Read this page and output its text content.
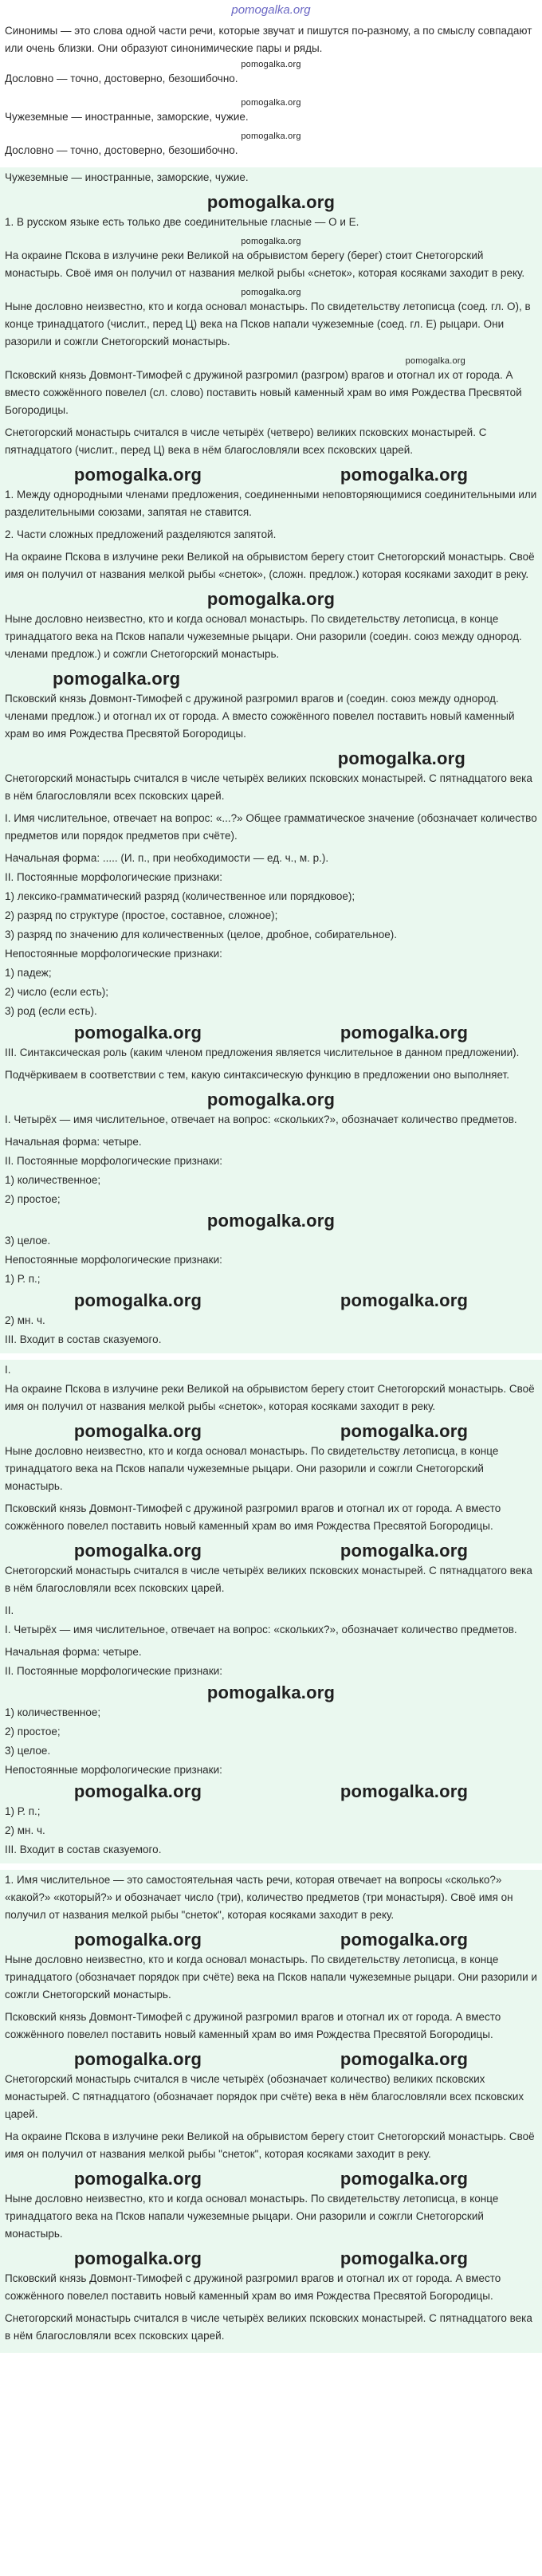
pomogalka.org

Синонимы — это слова одной части речи, которые звучат и пишутся по-разному, а по смыслу совпадают или очень близки. Они образуют синонимические пары и ряды.

pomogalka.org

Дословно — точно, достоверно, безошибочно.

pomogalka.org

Чужеземные — иностранные, заморские, чужие.

pomogalka.org

Дословно — точно, достоверно, безошибочно.

Чужеземные — иностранные, заморские, чужие.

pomogalka.org

1. В русском языке есть только две соединительные гласные — О и Е.

pomogalka.org

На окраине Пскова в излучине реки Великой на обрывистом берегу (берег) стоит Снетогорский монастырь. Своё имя он получил от названия мелкой рыбы «снеток», которая косяками заходит в реку.

pomogalka.org

Ныне дословно неизвестно, кто и когда основал монастырь. По свидетельству летописца (соед. гл. О), в конце тринадцатого (числит., перед Ц) века на Псков напали чужеземные (соед. гл. Е) рыцари. Они разорили и сожгли Снетогорский монастырь.

pomogalka.org

Псковский князь Довмонт-Тимофей с дружиной разгромил (разгром) врагов и отогнал их от города. А вместо сожжённого повелел (сл. слово) поставить новый каменный храм во имя Рождества Пресвятой Богородицы.

Снетогорский монастырь считался в числе четырёх (четверо) великих псковских монастырей. С пятнадцатого (числит., перед Ц) века в нём благословляли всех псковских царей.

pomogalka.org	pomogalka.org

1. Между однородными членами предложения, соединенными неповторяющимися соединительными или разделительными союзами, запятая не ставится.

2. Части сложных предложений разделяются запятой.

На окраине Пскова в излучине реки Великой на обрывистом берегу стоит Снетогорский монастырь. Своё имя он получил от названия мелкой рыбы «снеток», (сложн. предлож.) которая косяками заходит в реку.

pomogalka.org

Ныне дословно неизвестно, кто и когда основал монастырь. По свидетельству летописца, в конце тринадцатого века на Псков напали чужеземные рыцари. Они разорили (соедин. союз между однород. членами предлож.) и сожгли Снетогорский монастырь.

pomogalka.org

Псковский князь Довмонт-Тимофей с дружиной разгромил врагов и (соедин. союз между однород. членами предлож.) и отогнал их от города. А вместо сожжённого повелел поставить новый каменный храм во имя Рождества Пресвятой Богородицы.

pomogalka.org

Снетогорский монастырь считался в числе четырёх великих псковских монастырей. С пятнадцатого века в нём благословляли всех псковских царей.

I. Имя числительное, отвечает на вопрос: «...?» Общее грамматическое значение (обозначает количество предметов или порядок предметов при счёте).

Начальная форма: ..... (И. п., при необходимости — ед. ч., м. р.).

II. Постоянные морфологические признаки:

1) лексико-грамматический разряд (количественное или порядковое);

2) разряд по структуре (простое, составное, сложное);

3) разряд по значению для количественных (целое, дробное, собирательное).

Непостоянные морфологические признаки:

1) падеж;

2) число (если есть);

3) род (если есть).

pomogalka.org	pomogalka.org

III. Синтаксическая роль (каким членом предложения является числительное в данном предложении).

Подчёркиваем в соответствии с тем, какую синтаксическую функцию в предложении оно выполняет.

pomogalka.org

I. Четырёх — имя числительное, отвечает на вопрос: «скольких?», обозначает количество предметов.

Начальная форма: четыре.

II. Постоянные морфологические признаки:

1) количественное;

2) простое;

pomogalka.org

3) целое.

Непостоянные морфологические признаки:

1) Р. п.;

pomogalka.org	pomogalka.org

2) мн. ч.

III. Входит в состав сказуемого.

I.

На окраине Пскова в излучине реки Великой на обрывистом берегу стоит Снетогорский монастырь. Своё имя он получил от названия мелкой рыбы «снеток», которая косяками заходит в реку.

pomogalka.org	pomogalka.org

Ныне дословно неизвестно, кто и когда основал монастырь. По свидетельству летописца, в конце тринадцатого века на Псков напали чужеземные рыцари. Они разорили и сожгли Снетогорский монастырь.

Псковский князь Довмонт-Тимофей с дружиной разгромил врагов и отогнал их от города. А вместо сожжённого повелел поставить новый каменный храм во имя Рождества Пресвятой Богородицы.

pomogalka.org	pomogalka.org

Снетогорский монастырь считался в числе четырёх великих псковских монастырей. С пятнадцатого века в нём благословляли всех псковских царей.

II.

I. Четырёх — имя числительное, отвечает на вопрос: «скольких?», обозначает количество предметов.

Начальная форма: четыре.

II. Постоянные морфологические признаки:

pomogalka.org

1) количественное;

2) простое;

3) целое.

Непостоянные морфологические признаки:

pomogalka.org	pomogalka.org

1) Р. п.;

2) мн. ч.

III. Входит в состав сказуемого.

1. Имя числительное — это самостоятельная часть речи, которая отвечает на вопросы «сколько?» «какой?» «который?» и обозначает число (три), количество предметов (три монастыря). Своё имя он получил от названия мелкой рыбы "снеток", которая косяками заходит в реку.

pomogalka.org	pomogalka.org

Ныне дословно неизвестно, кто и когда основал монастырь. По свидетельству летописца, в конце тринадцатого (обозначает порядок при счёте) века на Псков напали чужеземные рыцари. Они разорили и сожгли Снетогорский монастырь.

Псковский князь Довмонт-Тимофей с дружиной разгромил врагов и отогнал их от города. А вместо сожжённого повелел поставить новый каменный храм во имя Рождества Пресвятой Богородицы.

pomogalka.org	pomogalka.org

Снетогорский монастырь считался в числе четырёх (обозначает количество) великих псковских монастырей. С пятнадцатого (обозначает порядок при счёте) века в нём благословляли всех псковских царей.

На окраине Пскова в излучине реки Великой на обрывистом берегу стоит Снетогорский монастырь. Своё имя он получил от названия мелкой рыбы "снеток", которая косяками заходит в реку.

pomogalka.org	pomogalka.org

Ныне дословно неизвестно, кто и когда основал монастырь. По свидетельству летописца, в конце тринадцатого века на Псков напали чужеземные рыцари. Они разорили и сожгли Снетогорский монастырь.

pomogalka.org	pomogalka.org

Псковский князь Довмонт-Тимофей с дружиной разгромил врагов и отогнал их от города. А вместо сожжённого повелел поставить новый каменный храм во имя Рождества Пресвятой Богородицы.

Снетогорский монастырь считался в числе четырёх великих псковских монастырей. С пятнадцатого века в нём благословляли всех псковских царей.
